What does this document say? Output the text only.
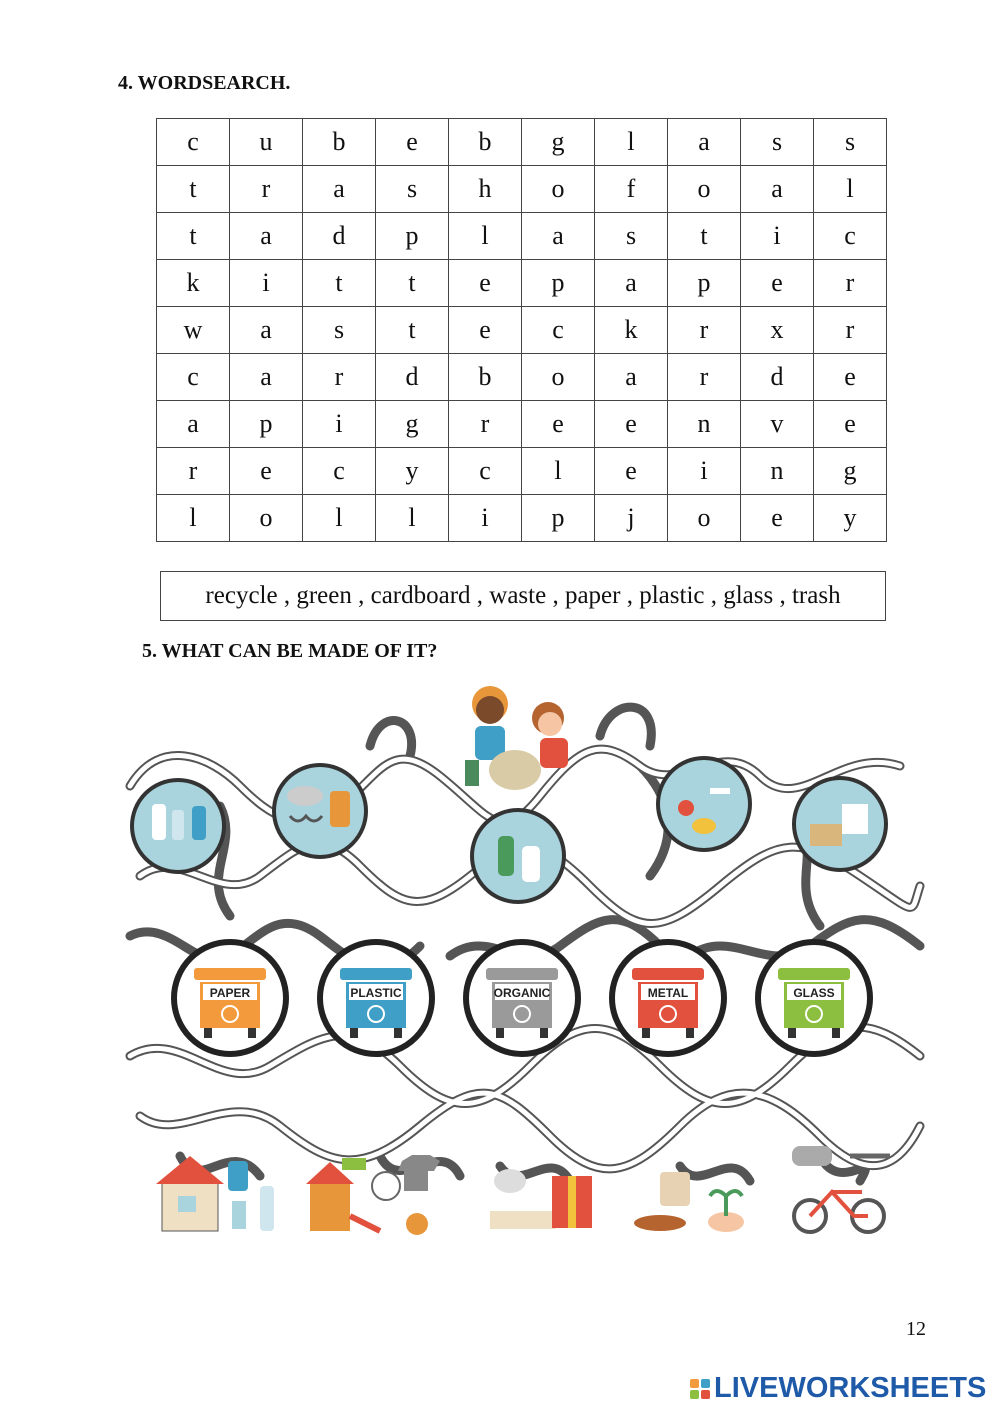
4. WORDSEARCH.
c	u	b	e	b	g	l	a	s	s
t	r	a	s	h	o	f	o	a	l
t	a	d	p	l	a	s	t	i	c
k	i	t	t	e	p	a	p	e	r
w	a	s	t	e	c	k	r	x	r
c	a	r	d	b	o	a	r	d	e
a	p	i	g	r	e	e	n	v	e
r	e	c	y	c	l	e	i	n	g
l	o	l	l	i	p	j	o	e	y
recycle , green , cardboard , waste , paper , plastic , glass , trash
5. WHAT CAN BE MADE OF IT?
PAPER	PLASTIC	ORGANIC	METAL	GLASS
12
LIVEWORKSHEETS
